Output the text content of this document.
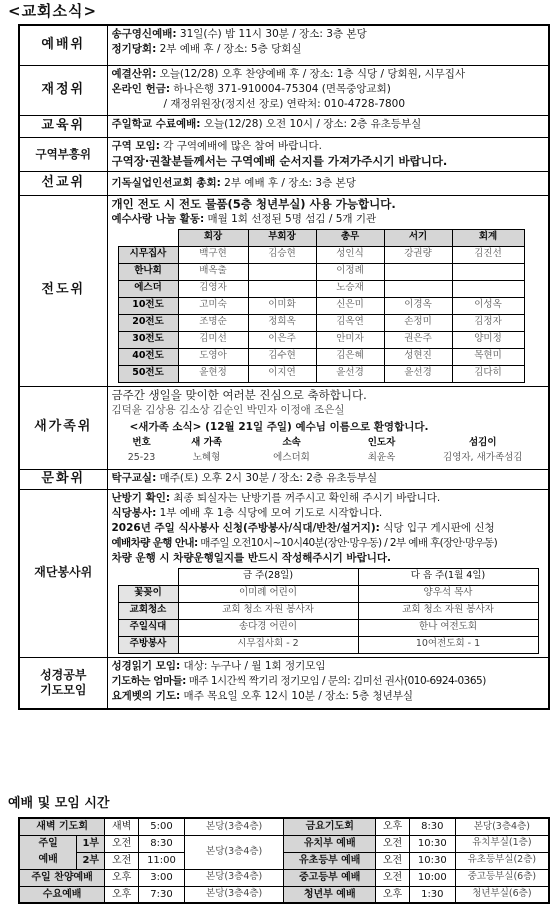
<교회소식>
예배위	
송구영신예배: 31일(수) 밤 11시 30분 / 장소: 3층 본당
정기당회: 2부 예배 후 / 장소: 5층 당회실

재정위	
예결산위: 오늘(12/28) 오후 찬양예배 후 / 장소: 1층 식당 / 당회원, 시무집사
온라인 헌금: 하나은행 371-910004-75304 (면목중앙교회)
/ 재정위원장(정지선 장로) 연락처: 010-4728-7800

교육위	주일학교 수료예배: 오늘(12/28) 오전 10시 / 장소: 2층 유초등부실

구역부흥위	
구역 모임: 각 구역예배에 많은 참여 바랍니다.
구역장·권찰분들께서는 구역예배 순서지를 가져가주시기 바랍니다.

선교위	기독실업인선교회 총회: 2부 예배 후 / 장소: 3층 본당

전도위	
개인 전도 시 전도 물품(5층 청년부실) 사용 가능합니다.
예수사랑 나눔 활동: 매월 1회 선정된 5명 섬김 / 5개 기관
	회장	부회장	총무	서기	회계
시무집사	백구현	김승현	성인식	강권량	김진선
한나회	배옥출		이정례		
에스더	김영자		노승재		
10전도	고미숙	이미화	신은미	이경옥	이성옥
20전도	조명순	정희옥	김옥연	손정미	김정자
30전도	김미선	이은주	안미자	권은주	양미정
40전도	도영아	김수현	김은혜	성현진	목현미
50전도	윤현정	이지연	윤선경	윤선경	김다히

새가족위	
금주간 생일을 맞이한 여러분 진심으로 축하합니다.
김덕윤 김상용 김소상 김순인 박민자 이정애 조은실
<새가족 소식> (12월 21일 주일) 예수님 이름으로 환영합니다.
번호	새 가족	소속	인도자	섬김이
25-23	노혜형	에스더회	최윤옥	김영자, 새가족섬김

문화위	탁구교실: 매주(토) 오후 2시 30분 / 장소: 2층 유초등부실

재단봉사위	
난방기 확인: 최종 퇴실자는 난방기를 꺼주시고 확인해 주시기 바랍니다.
식당봉사: 1부 예배 후 1층 식당에 모여 기도로 시작합니다.
2026년 주일 식사봉사 신청(주방봉사/식대/반찬/설거지): 식당 입구 게시판에 신청
예배차량 운행 안내: 매주일 오전10시~10시40분(장안·망우동) / 2부 예배 후(장안·망우동)
차량 운행 시 차량운행일지를 반드시 작성해주시기 바랍니다.
	금 주(28일)	다 음 주(1월 4일)
꽃꽂이	이미례 어린이	양우석 목사
교회청소	교회 청소 자원 봉사자	교회 청소 자원 봉사자
주일식대	송다경 어린이	한나 여전도회
주방봉사	시무집사회 - 2	10여전도회 - 1

성경공부
기도모임	
성경읽기 모임: 대상: 누구나 / 월 1회 정기모임
기도하는 엄마들: 매주 1시간씩 짝기리 정기모임 / 문의: 김미선 권사(010-6924-0365)
요게벳의 기도: 매주 목요일 오후 12시 10분 / 장소: 5층 청년부실
예배 및 모임 시간
새벽 기도회		새벽	5:00	본당(3층4층)	금요기도회	오후	8:30	본당(3층4층)
주일
예배	1부	오전	8:30	본당(3층4층)	유치부 예배	오전	10:30	유치부실(1층)
	2부	오전	11:00		유초등부 예배	오전	10:30	유초등부실(2층)
주일 찬양예배		오후	3:00	본당(3층4층)	중고등부 예배	오전	10:00	중고등부실(6층)
수요예배		오후	7:30	본당(3층4층)	청년부 예배	오후	1:30	청년부실(6층)
